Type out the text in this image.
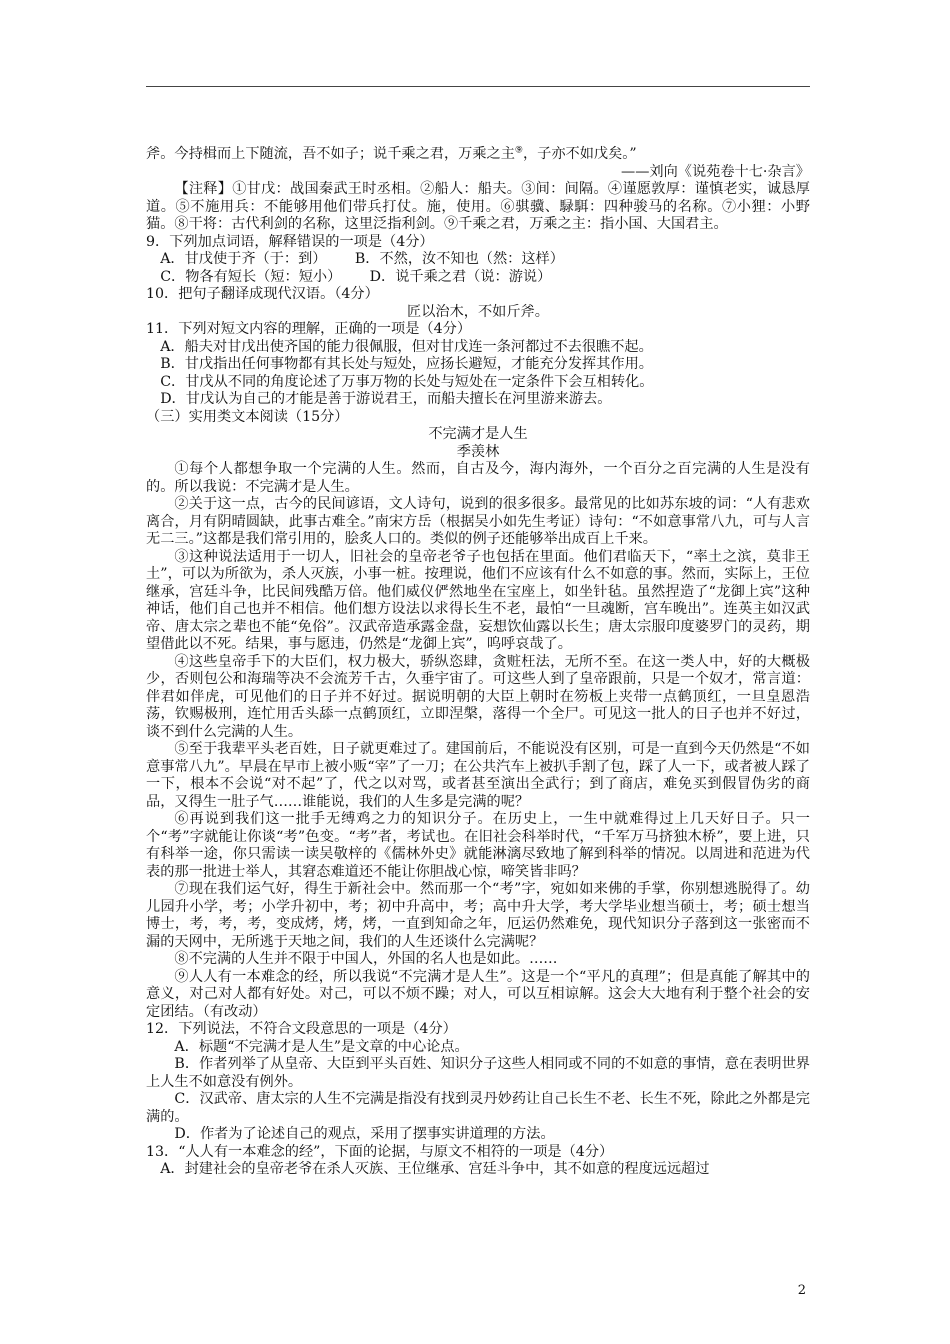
斧。今持楫而上下随流，吾不如子；说千乘之君，万乘之主⑨，子亦不如戊矣。”

——刘向《说苑卷十七·杂言》

【注释】①甘戊：战国秦武王时丞相。②船人：船夫。③间：间隔。④谨愿敦厚：谨慎老实，诚恳厚道。⑤不施用兵：不能够用他们带兵打仗。施，使用。⑥骐骥、騄駬：四种骏马的名称。⑦小狸：小野猫。⑧干将：古代利剑的名称，这里泛指利剑。⑨千乘之君，万乘之主：指小国、大国君主。

9．下列加点词语，解释错误的一项是（4分）

A．甘戊使于齐（于：到）   B．不然，汝不知也（然：这样）

C．物各有短长（短：短小）   D．说千乘之君（说：游说）

10．把句子翻译成现代汉语。（4分）

匠以治木，不如斤斧。

11．下列对短文内容的理解，正确的一项是（4分）

A．船夫对甘戊出使齐国的能力很佩服，但对甘戊连一条河都过不去很瞧不起。

B．甘戊指出任何事物都有其长处与短处，应扬长避短，才能充分发挥其作用。

C．甘戊从不同的角度论述了万事万物的长处与短处在一定条件下会互相转化。

D．甘戊认为自己的才能是善于游说君王，而船夫擅长在河里游来游去。

（三）实用类文本阅读（15分）

不完满才是人生

季羡林

①每个人都想争取一个完满的人生。然而，自古及今，海内海外，一个百分之百完满的人生是没有的。所以我说：不完满才是人生。

②关于这一点，古今的民间谚语，文人诗句，说到的很多很多。最常见的比如苏东坡的词：“人有悲欢离合，月有阴晴圆缺，此事古难全。”南宋方岳（根据吴小如先生考证）诗句：“不如意事常八九，可与人言无二三。”这都是我们常引用的，脍炙人口的。类似的例子还能够举出成百上千来。

③这种说法适用于一切人，旧社会的皇帝老爷子也包括在里面。他们君临天下，“率土之滨，莫非王土”，可以为所欲为，杀人灭族，小事一桩。按理说，他们不应该有什么不如意的事。然而，实际上，王位继承，宫廷斗争，比民间残酷万倍。他们威仪俨然地坐在宝座上，如坐针毡。虽然捏造了“龙御上宾”这种神话，他们自己也并不相信。他们想方设法以求得长生不老，最怕“一旦魂断，宫车晚出”。连英主如汉武帝、唐太宗之辈也不能“免俗”。汉武帝造承露金盘，妄想饮仙露以长生；唐太宗服印度婆罗门的灵药，期望借此以不死。结果，事与愿违，仍然是“龙御上宾”，呜呼哀哉了。

④这些皇帝手下的大臣们，权力极大，骄纵恣肆，贪赃枉法，无所不至。在这一类人中，好的大概极少，否则包公和海瑞等决不会流芳千古，久垂宇宙了。可这些人到了皇帝跟前，只是一个奴才，常言道：伴君如伴虎，可见他们的日子并不好过。据说明朝的大臣上朝时在笏板上夹带一点鹤顶红，一旦皇恩浩荡，钦赐极刑，连忙用舌头舔一点鹤顶红，立即涅槃，落得一个全尸。可见这一批人的日子也并不好过，谈不到什么完满的人生。

⑤至于我辈平头老百姓，日子就更难过了。建国前后，不能说没有区别，可是一直到今天仍然是“不如意事常八九”。早晨在早市上被小贩“宰”了一刀；在公共汽车上被扒手割了包，踩了人一下，或者被人踩了一下，根本不会说“对不起”了，代之以对骂，或者甚至演出全武行；到了商店，难免买到假冒伪劣的商品，又得生一肚子气……谁能说，我们的人生多是完满的呢？

⑥再说到我们这一批手无缚鸡之力的知识分子。在历史上，一生中就难得过上几天好日子。只一个“考”字就能让你谈“考”色变。“考”者，考试也。在旧社会科举时代，“千军万马挤独木桥”，要上进，只有科举一途，你只需读一读吴敬梓的《儒林外史》就能淋漓尽致地了解到科举的情况。以周进和范进为代表的那一批进士举人，其窘态难道还不能让你胆战心惊，啼笑皆非吗？

⑦现在我们运气好，得生于新社会中。然而那一个“考”字，宛如如来佛的手掌，你别想逃脱得了。幼儿园升小学，考；小学升初中，考；初中升高中，考；高中升大学，考大学毕业想当硕士，考；硕士想当博士，考，考，考，变成烤，烤，烤，一直到知命之年，厄运仍然难免，现代知识分子落到这一张密而不漏的天网中，无所逃于天地之间，我们的人生还谈什么完满呢？

⑧不完满的人生并不限于中国人，外国的名人也是如此。……

⑨人人有一本难念的经，所以我说“不完满才是人生”。这是一个“平凡的真理”；但是真能了解其中的意义，对己对人都有好处。对己，可以不烦不躁；对人，可以互相谅解。这会大大地有利于整个社会的安定团结。（有改动）

12．下列说法，不符合文段意思的一项是（4分）

A．标题“不完满才是人生”是文章的中心论点。

B．作者列举了从皇帝、大臣到平头百姓、知识分子这些人相同或不同的不如意的事情，意在表明世界上人生不如意没有例外。

C．汉武帝、唐太宗的人生不完满是指没有找到灵丹妙药让自己长生不老、长生不死，除此之外都是完满的。

D．作者为了论述自己的观点，采用了摆事实讲道理的方法。

13．“人人有一本难念的经”，下面的论据，与原文不相符的一项是（4分）

A．封建社会的皇帝老爷在杀人灭族、王位继承、宫廷斗争中，其不如意的程度远远超过

2
